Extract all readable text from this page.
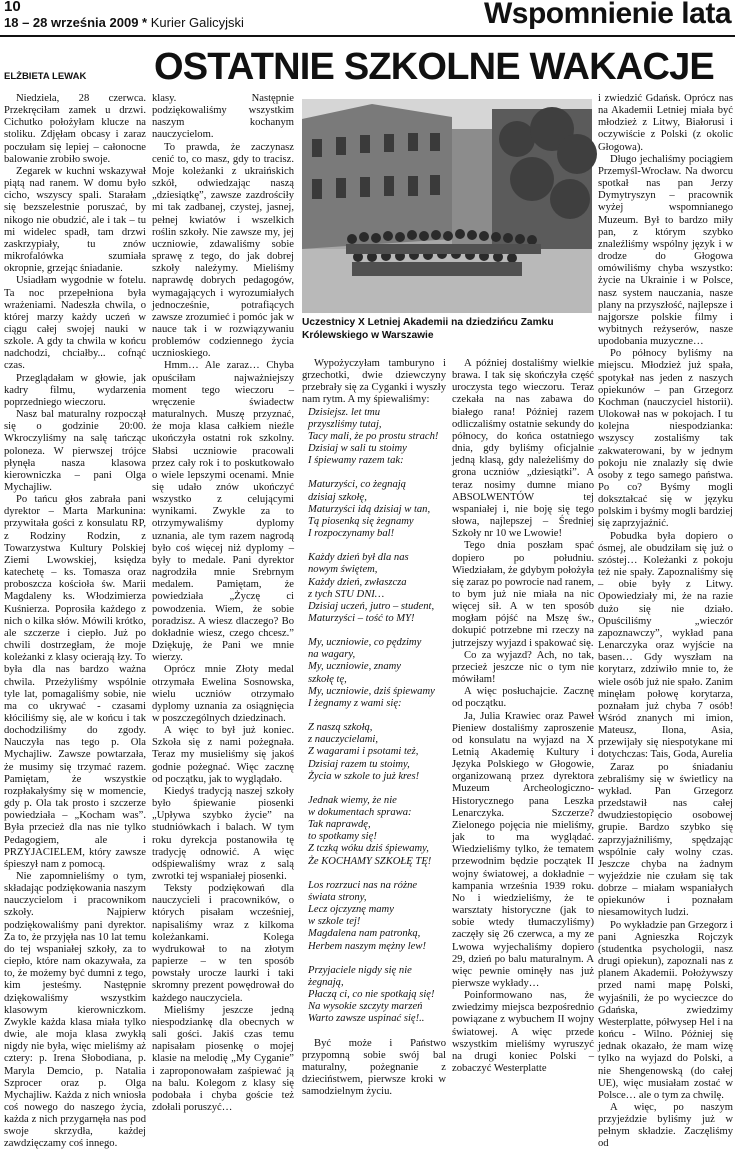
10
18 – 28 września 2009 * Kurier Galicyjski	Wspomnienie lata
ELŻBIETA LEWAK OSTATNIE SZKOLNE WAKACJE

Niedziela, 28 czerwca. Przekręciłam zamek u drzwi. Cichutko położyłam klucze na stoliku. Zdjęłam obcasy i zaraz poczułam się lepiej – całonocne balowanie zrobiło swoje.

Zegarek w kuchni wskazywał piątą nad ranem. W domu było cicho, wszyscy spali. Starałam się bezszelestnie poruszać, by nikogo nie obudzić, ale i tak – tu mi widelec spadł, tam drzwi zaskrzypiały, tu znów mikrofalówka szumiała okropnie, grzejąc śniadanie.

Usiadłam wygodnie w fotelu. Ta noc przepełniona była wrażeniami. Nadeszła chwila, o której marzy każdy uczeń w ciągu całej swojej nauki w szkole. A gdy ta chwila w końcu nadchodzi, chciałby... cofnąć czas.

Przeglądałam w głowie, jak kadry filmu, wydarzenia poprzedniego wieczoru.

Nasz bal maturalny rozpoczął się o godzinie 20:00. Wkroczyliśmy na salę tańcząc poloneza. W pierwszej trójce płynęła nasza klasowa kierowniczka – pani Olga Mychajliw.

Po tańcu głos zabrała pani dyrektor – Marta Markunina: przywitała gości z konsulatu RP, z Rodziny Rodzin, z Towarzystwa Kultury Polskiej Ziemi Lwowskiej, księdza katechetę – ks. Tomasza oraz proboszcza kościoła św. Marii Magdaleny ks. Włodzimierza Kuśnierza. Poprosiła każdego z nich o kilka słów. Mówili krótko, ale szczerze i ciepło. Już po chwili dostrzegłam, że moje koleżanki z klasy ocierają łzy. To była dla nas bardzo ważna chwila. Przeżyliśmy wspólnie tyle lat, pomagaliśmy sobie, nie ma co ukrywać - czasami kłóciliśmy się, ale w końcu i tak dochodziliśmy do zgody. Nauczyła nas tego p. Ola Mychajliw. Zawsze powtarzała, że musimy się trzymać razem. Pamiętam, że wszystkie rozpłakałyśmy się w momencie, gdy p. Ola tak prosto i szczerze powiedziała – „Kocham was”. Była przecież dla nas nie tylko Pedagogiem, ale i PRZYJACIELEM, który zawsze śpieszył nam z pomocą.

Nie zapomnieliśmy o tym, składając podziękowania naszym nauczycielom i pracownikom szkoły. Najpierw podziękowaliśmy pani dyrektor. Za to, że przyjęła nas 10 lat temu do tej wspaniałej szkoły, za to ciepło, które nam okazywała, za to, że możemy być dumni z tego, kim jesteśmy. Następnie dziękowaliśmy wszystkim klasowym kierowniczkom. Zwykle każda klasa miała tylko dwie, ale moja klasa zwykłą nigdy nie była, więc mieliśmy aż cztery: p. Irena Słobodiana, p. Maryla Demcio, p. Natalia Szprocer oraz p. Olga Mychajliw. Każda z nich wniosła coś nowego do naszego życia, każda z nich przygarnęła nas pod swoje skrzydła, każdej zawdzięczamy coś innego.

klasy. Następnie podziękowaliśmy wszystkim naszym kochanym nauczycielom.

To prawda, że zaczynasz cenić to, co masz, gdy to tracisz. Moje koleżanki z ukraińskich szkół, odwiedzając naszą „dziesiątkę”, zawsze zazdrościły mi tak zadbanej, czystej, jasnej, pełnej kwiatów i wszelkich roślin szkoły. Nie zawsze my, jej uczniowie, zdawaliśmy sobie sprawę z tego, do jak dobrej szkoły należymy. Mieliśmy naprawdę dobrych pedagogów, wymagających i wyrozumiałych jednocześnie, potrafiących zawsze zrozumieć i pomóc jak w nauce tak i w rozwiązywaniu problemów codziennego życia ucznioskiego.

Hmm… Ale zaraz… Chyba opuściłam najważniejszy moment tego wieczoru – wręczenie świadectw maturalnych. Muszę przyznać, że moja klasa całkiem nieźle ukończyła ostatni rok szkolny. Słabsi uczniowie pracowali przez cały rok i to poskutkowało o wiele lepszymi ocenami. Mnie się udało znów ukończyć wszystko z celującymi wynikami. Zwykle za to otrzymywaliśmy dyplomy uznania, ale tym razem nagrodą było coś więcej niż dyplomy – były to medale. Pani dyrektor nagrodziła mnie Srebrnym medalem. Pamiętam, że powiedziała „Życzę ci powodzenia. Wiem, że sobie poradzisz. A wiesz dlaczego? Bo dokładnie wiesz, czego chcesz.” Dziękuję, że Pani we mnie wierzy.

Oprócz mnie Złoty medal otrzymała Ewelina Sosnowska, wielu uczniów otrzymało dyplomy uznania za osiągnięcia w poszczególnych dziedzinach.

A więc to był już koniec. Szkoła się z nami pożegnała. Teraz my musieliśmy się jakoś godnie pożegnać. Więc zacznę od początku, jak to wyglądało.

Kiedyś tradycją naszej szkoły było śpiewanie piosenki „Upływa szybko życie” na studniówkach i balach. W tym roku dyrekcja postanowiła tę tradycję odnowić. A więc odśpiewaliśmy wraz z salą zwrotki tej wspaniałej piosenki.

Teksty podziękowań dla nauczycieli i pracowników, o których pisałam wcześniej, napisaliśmy wraz z kilkoma koleżankami. Kolega wydrukował to na złotym papierze – w ten sposób powstały urocze laurki i taki skromny prezent powędrował do każdego nauczyciela.

Mieliśmy jeszcze jedną niespodziankę dla obecnych w sali gości. Jakiś czas temu napisałam piosenkę o mojej klasie na melodię „My Cyganie” i zaproponowałam zaśpiewać ją na balu. Kolegom z klasy się podobała i chyba goście też zdołali poruszyć…

Uczestnicy X Letniej Akademii na dziedzińcu Zamku Królewskiego w Warszawie

Wypożyczyłam tamburyno i grzechotki, dwie dziewczyny przebrały się za Cyganki i wyszły nam rytm. A my śpiewaliśmy:

Dzisiejsz. let tmu
przyszliśmy tutaj,
Tacy mali, że po prostu strach!
Dzisiaj w sali tu stoimy
I śpiewamy razem tak:

Maturzyści, co żegnają
dzisiaj szkołę,
Maturzyści idą dzisiaj w tan,
Tą piosenką się żegnamy
I rozpoczynamy bal!

Każdy dzień był dla nas
nowym świętem,
Każdy dzień, zwłaszcza
z tych STU DNI…
Dzisiaj uczeń, jutro – student,
Maturzyści – tość to MY!

My, uczniowie, co pędzimy
na wagary,
My, uczniowie, znamy
szkołę tę,
My, uczniowie, dziś śpiewamy
I żegnamy z wami się:

Z naszą szkołą,
z nauczycielami,
Z wagarami i psotami też,
Dzisiaj razem tu stoimy,
Życia w szkole to już kres!

Jednak wiemy, że nie
w dokumentach sprawa:
Tak naprawdę,
to spotkamy się!
Z tczką wóku dziś śpiewamy,
Że KOCHAMY SZKOŁĘ TĘ!

Los rozrzuci nas na różne
świata strony,
Lecz ojczyznę mamy
w szkole tej!
Magdalena nam patronką,
Herbem naszym mężny lew!

Przyjaciele nigdy się nie
żegnają,
Płaczą ci, co nie spotkają się!
Na wysokie szczyty marzeń
Warto zawsze uspinać się!..

Być może i Państwo przypomną sobie swój bal maturalny, pożegnanie z dzieciństwem, pierwsze kroki w samodzielnym życiu.

A później dostaliśmy wielkie brawa. I tak się skończyła część uroczysta tego wieczoru. Teraz czekała na nas zabawa do białego rana! Później razem odliczaliśmy ostatnie sekundy do północy, do końca ostatniego dnia, gdy byliśmy oficjalnie jedną klasą, gdy należeliśmy do grona uczniów „dziesiątki”. A teraz nosimy dumne miano ABSOLWENTÓW tej wspaniałej i, nie boję się tego słowa, najlepszej – Średniej Szkoły nr 10 we Lwowie!

Tego dnia poszłam spać dopiero po południu. Wiedziałam, że gdybym położyła się zaraz po powrocie nad ranem, to bym już nie miała na nic więcej sił. A w ten sposób mogłam pójść na Mszę św., dokupić potrzebne mi rzeczy na jutrzejszy wyjazd i spakować się.

Co za wyjazd? Ach, no tak, przecież jeszcze nic o tym nie mówiłam!

A więc posłuchajcie. Zacznę od początku.

Ja, Julia Krawiec oraz Paweł Pieniew dostaliśmy zaproszenie od konsulatu na wyjazd na X Letnią Akademię Kultury i Języka Polskiego w Głogowie, organizowaną przez dyrektora Muzeum Archeologiczno-Historycznego pana Leszka Lenarczyka. Szczerze? Zielonego pojęcia nie mieliśmy, jak to ma wyglądać. Wiedzieliśmy tylko, że tematem przewodnim będzie początek II wojny światowej, a dokładnie – kampania września 1939 roku. No i wiedzieliśmy, że te warsztaty historyczne (jak to sobie wtedy tłumaczyliśmy) zaczęły się 26 czerwca, a my ze Lwowa wyjechaliśmy dopiero 29, dzień po balu maturalnym. A więc pewnie ominęły nas już pierwsze wykłady…

Poinformowano nas, że zwiedzimy miejsca bezpośrednio powiązane z wybuchem II wojny światowej. A więc przede wszystkim mieliśmy wyruszyć na drugi koniec Polski – zobaczyć Westerplatte

i zwiedzić Gdańsk. Oprócz nas na Akademii Letniej miała być młodzież z Litwy, Białorusi i oczywiście z Polski (z okolic Głogowa).

Długo jechaliśmy pociągiem Przemyśl-Wrocław. Na dworcu spotkał nas pan Jerzy Dymytryszyn – pracownik wyżej wspomnianego Muzeum. Był to bardzo miły pan, z którym szybko znaleźliśmy wspólny język i w drodze do Głogowa omówiliśmy chyba wszystko: życie na Ukrainie i w Polsce, nasz system nauczania, nasze plany na przyszłość, najlepsze i najgorsze polskie filmy i wybitnych reżyserów, nasze upodobania muzyczne…

Po północy byliśmy na miejscu. Młodzież już spała, spotykał nas jeden z naszych opiekunów – pan Grzegorz Kochman (nauczyciel historii). Ulokował nas w pokojach. I tu kolejna niespodzianka: wszyscy zostaliśmy tak zakwaterowani, by w jednym pokoju nie znalazły się dwie osoby z tego samego państwa. Po co? Byśmy mogli dokształcać się w języku polskim i byśmy mogli bardziej się zaprzyjaźnić.

Pobudka była dopiero o ósmej, ale obudziłam się już o szóstej… Koleżanki z pokoju też nie spały. Zapoznaliśmy się – obie były z Litwy. Opowiedziały mi, że na razie dużo się nie działo. Opuściliśmy „wieczór zapoznawczy”, wykład pana Lenarczyka oraz wyjście na basen… Gdy wyszłam na korytarz, zdziwiło mnie to, że wiele osób już nie spało. Zanim minęłam połowę korytarza, poznałam już chyba 7 osób! Wśród znanych mi imion, Mateusz, Ilona, Asia, przewijały się niespotykane mi dotychczas: Tais, Goda, Aurelia

Zaraz po śniadaniu zebraliśmy się w świetlicy na wykład. Pan Grzegorz przedstawił nas całej dwudziestopięcio osobowej grupie. Bardzo szybko się zaprzyjaźniliśmy, spędzając wspólnie cały wolny czas. Jeszcze chyba na żadnym wyjeździe nie czułam się tak dobrze – miałam wspaniałych opiekunów i poznałam niesamowitych ludzi.

Po wykładzie pan Grzegorz i pani Agnieszka Rojczyk (studentka psychologii, nasz drugi opiekun), zapoznali nas z planem Akademii. Położywszy przed nami mapę Polski, wyjaśnili, że po wycieczce do Gdańska, zwiedzimy Westerplatte, półwysep Hel i na końcu - Wilno. Później się jednak okazało, że mam wizę tylko na wyjazd do Polski, a nie Shengenowską (do całej UE), więc musiałam zostać w Polsce… ale o tym za chwilę.

A więc, po naszym przyjeździe byliśmy już w pełnym składzie. Zaczęliśmy od
